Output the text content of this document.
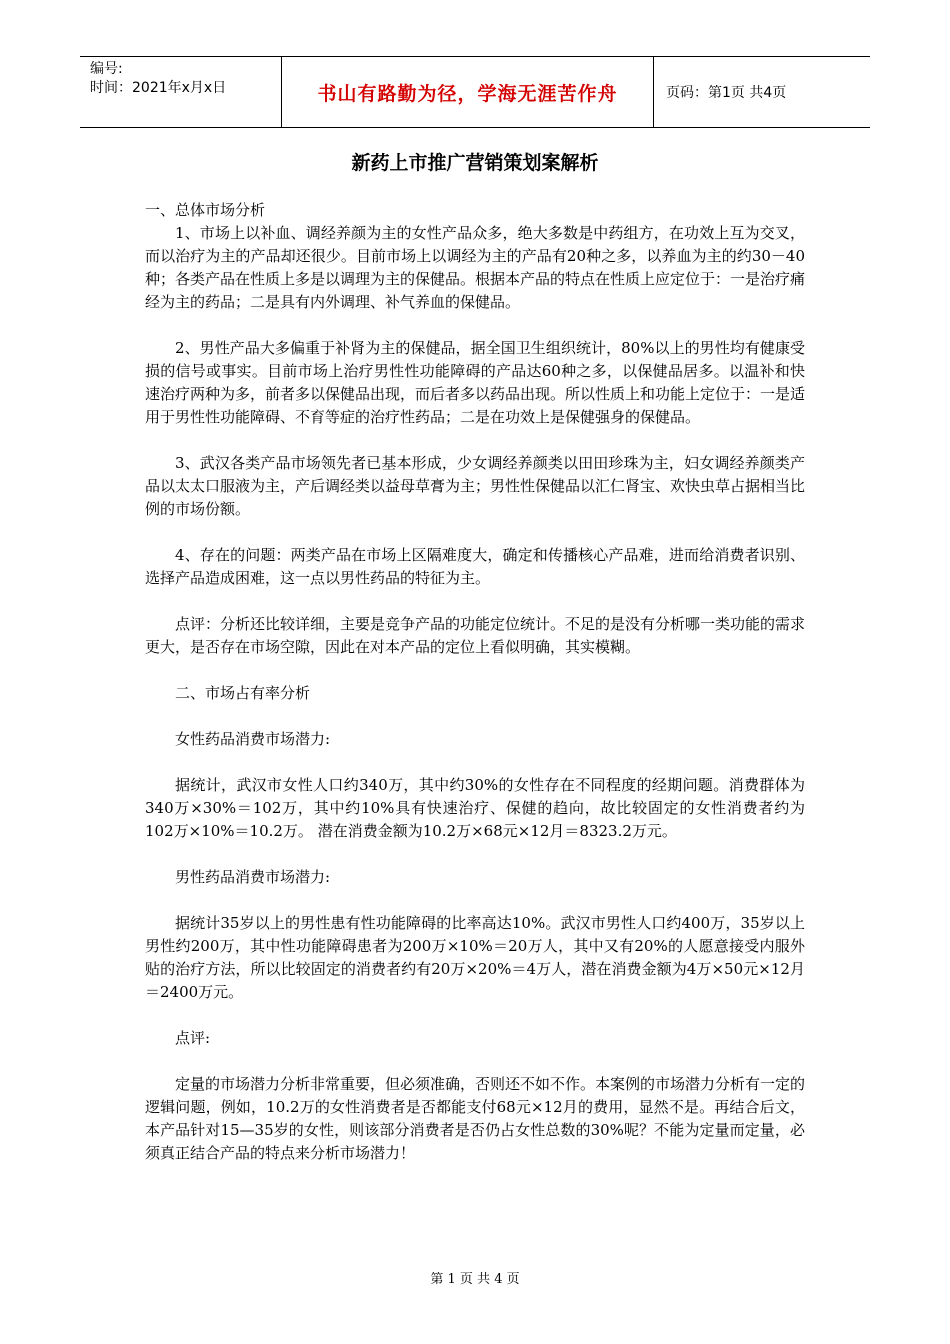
编号:
时间：2021年x月x日	书山有路勤为径，学海无涯苦作舟	页码：第1页 共4页
新药上市推广营销策划案解析

一、总体市场分析

1、市场上以补血、调经养颜为主的女性产品众多，绝大多数是中药组方，在功效上互为交叉，而以治疗为主的产品却还很少。目前市场上以调经为主的产品有20种之多，以养血为主的约30－40种；各类产品在性质上多是以调理为主的保健品。根据本产品的特点在性质上应定位于：一是治疗痛经为主的药品；二是具有内外调理、补气养血的保健品。

2、男性产品大多偏重于补肾为主的保健品，据全国卫生组织统计，80%以上的男性均有健康受损的信号或事实。目前市场上治疗男性性功能障碍的产品达60种之多，以保健品居多。以温补和快速治疗两种为多，前者多以保健品出现，而后者多以药品出现。所以性质上和功能上定位于：一是适用于男性性功能障碍、不育等症的治疗性药品；二是在功效上是保健强身的保健品。

3、武汉各类产品市场领先者已基本形成，少女调经养颜类以田田珍珠为主，妇女调经养颜类产品以太太口服液为主，产后调经类以益母草膏为主；男性性保健品以汇仁肾宝、欢快虫草占据相当比例的市场份额。

4、存在的问题：两类产品在市场上区隔难度大，确定和传播核心产品难，进而给消费者识别、选择产品造成困难，这一点以男性药品的特征为主。

点评：分析还比较详细，主要是竞争产品的功能定位统计。不足的是没有分析哪一类功能的需求更大，是否存在市场空隙，因此在对本产品的定位上看似明确，其实模糊。

二、市场占有率分析

女性药品消费市场潜力:

据统计，武汉市女性人口约340万，其中约30%的女性存在不同程度的经期问题。消费群体为340万×30%＝102万，其中约10%具有快速治疗、保健的趋向，故比较固定的女性消费者约为102万×10%＝10.2万。 潜在消费金额为10.2万×68元×12月＝8323.2万元。

男性药品消费市场潜力:

据统计35岁以上的男性患有性功能障碍的比率高达10%。武汉市男性人口约400万，35岁以上男性约200万，其中性功能障碍患者为200万×10%＝20万人，其中又有20%的人愿意接受内服外贴的治疗方法，所以比较固定的消费者约有20万×20%＝4万人，潜在消费金额为4万×50元×12月＝2400万元。

点评:

定量的市场潜力分析非常重要，但必须准确，否则还不如不作。本案例的市场潜力分析有一定的逻辑问题，例如，10.2万的女性消费者是否都能支付68元×12月的费用，显然不是。再结合后文，本产品针对15—35岁的女性，则该部分消费者是否仍占女性总数的30%呢？不能为定量而定量，必须真正结合产品的特点来分析市场潜力！

第 1 页 共 4 页
